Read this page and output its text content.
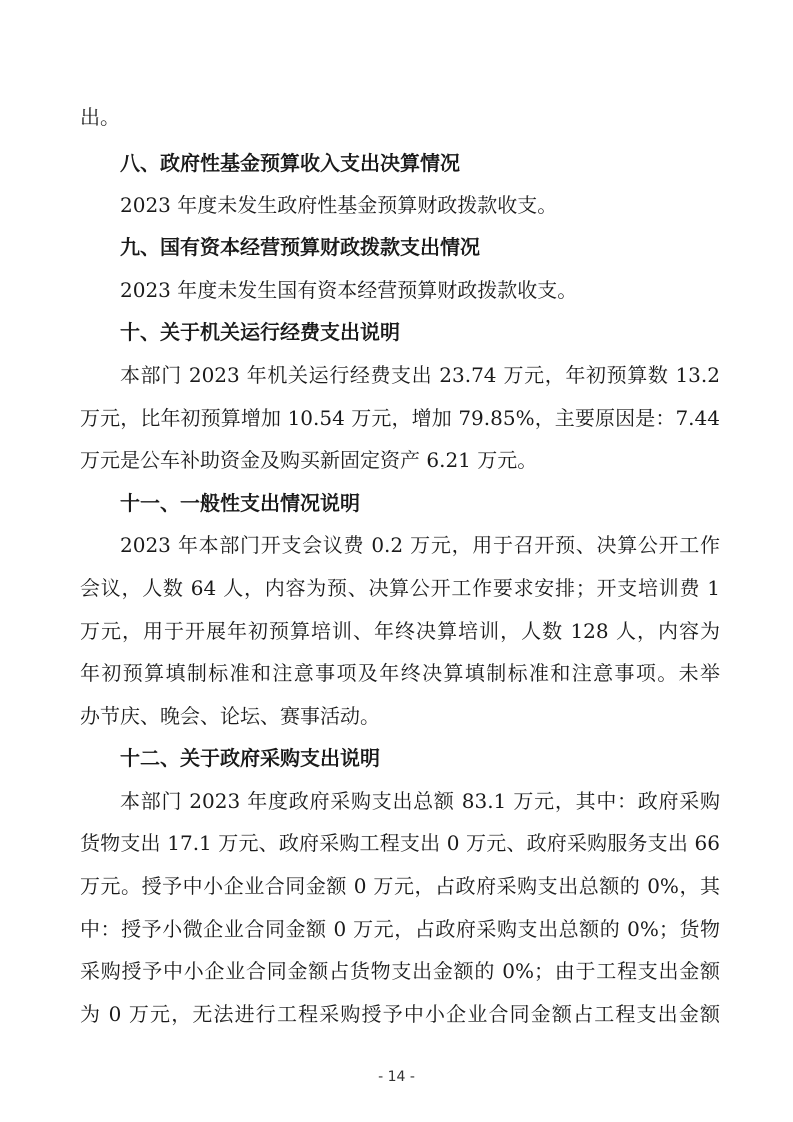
出。
八、政府性基金预算收入支出决算情况
2023 年度未发生政府性基金预算财政拨款收支。
九、国有资本经营预算财政拨款支出情况
2023 年度未发生国有资本经营预算财政拨款收支。
十、关于机关运行经费支出说明
本部门 2023 年机关运行经费支出 23.74 万元，年初预算数 13.2
万元，比年初预算增加 10.54 万元，增加 79.85%，主要原因是：7.44
万元是公车补助资金及购买新固定资产 6.21 万元。
十一、一般性支出情况说明
2023 年本部门开支会议费 0.2 万元，用于召开预、决算公开工作
会议，人数 64 人，内容为预、决算公开工作要求安排；开支培训费 1
万元，用于开展年初预算培训、年终决算培训，人数 128 人，内容为
年初预算填制标准和注意事项及年终决算填制标准和注意事项。未举
办节庆、晚会、论坛、赛事活动。
十二、关于政府采购支出说明
本部门 2023 年度政府采购支出总额 83.1 万元，其中：政府采购
货物支出 17.1 万元、政府采购工程支出 0 万元、政府采购服务支出 66
万元。授予中小企业合同金额 0 万元，占政府采购支出总额的 0%，其
中：授予小微企业合同金额 0 万元，占政府采购支出总额的 0%；货物
采购授予中小企业合同金额占货物支出金额的 0%；由于工程支出金额
为 0 万元，无法进行工程采购授予中小企业合同金额占工程支出金额
- 14 -
